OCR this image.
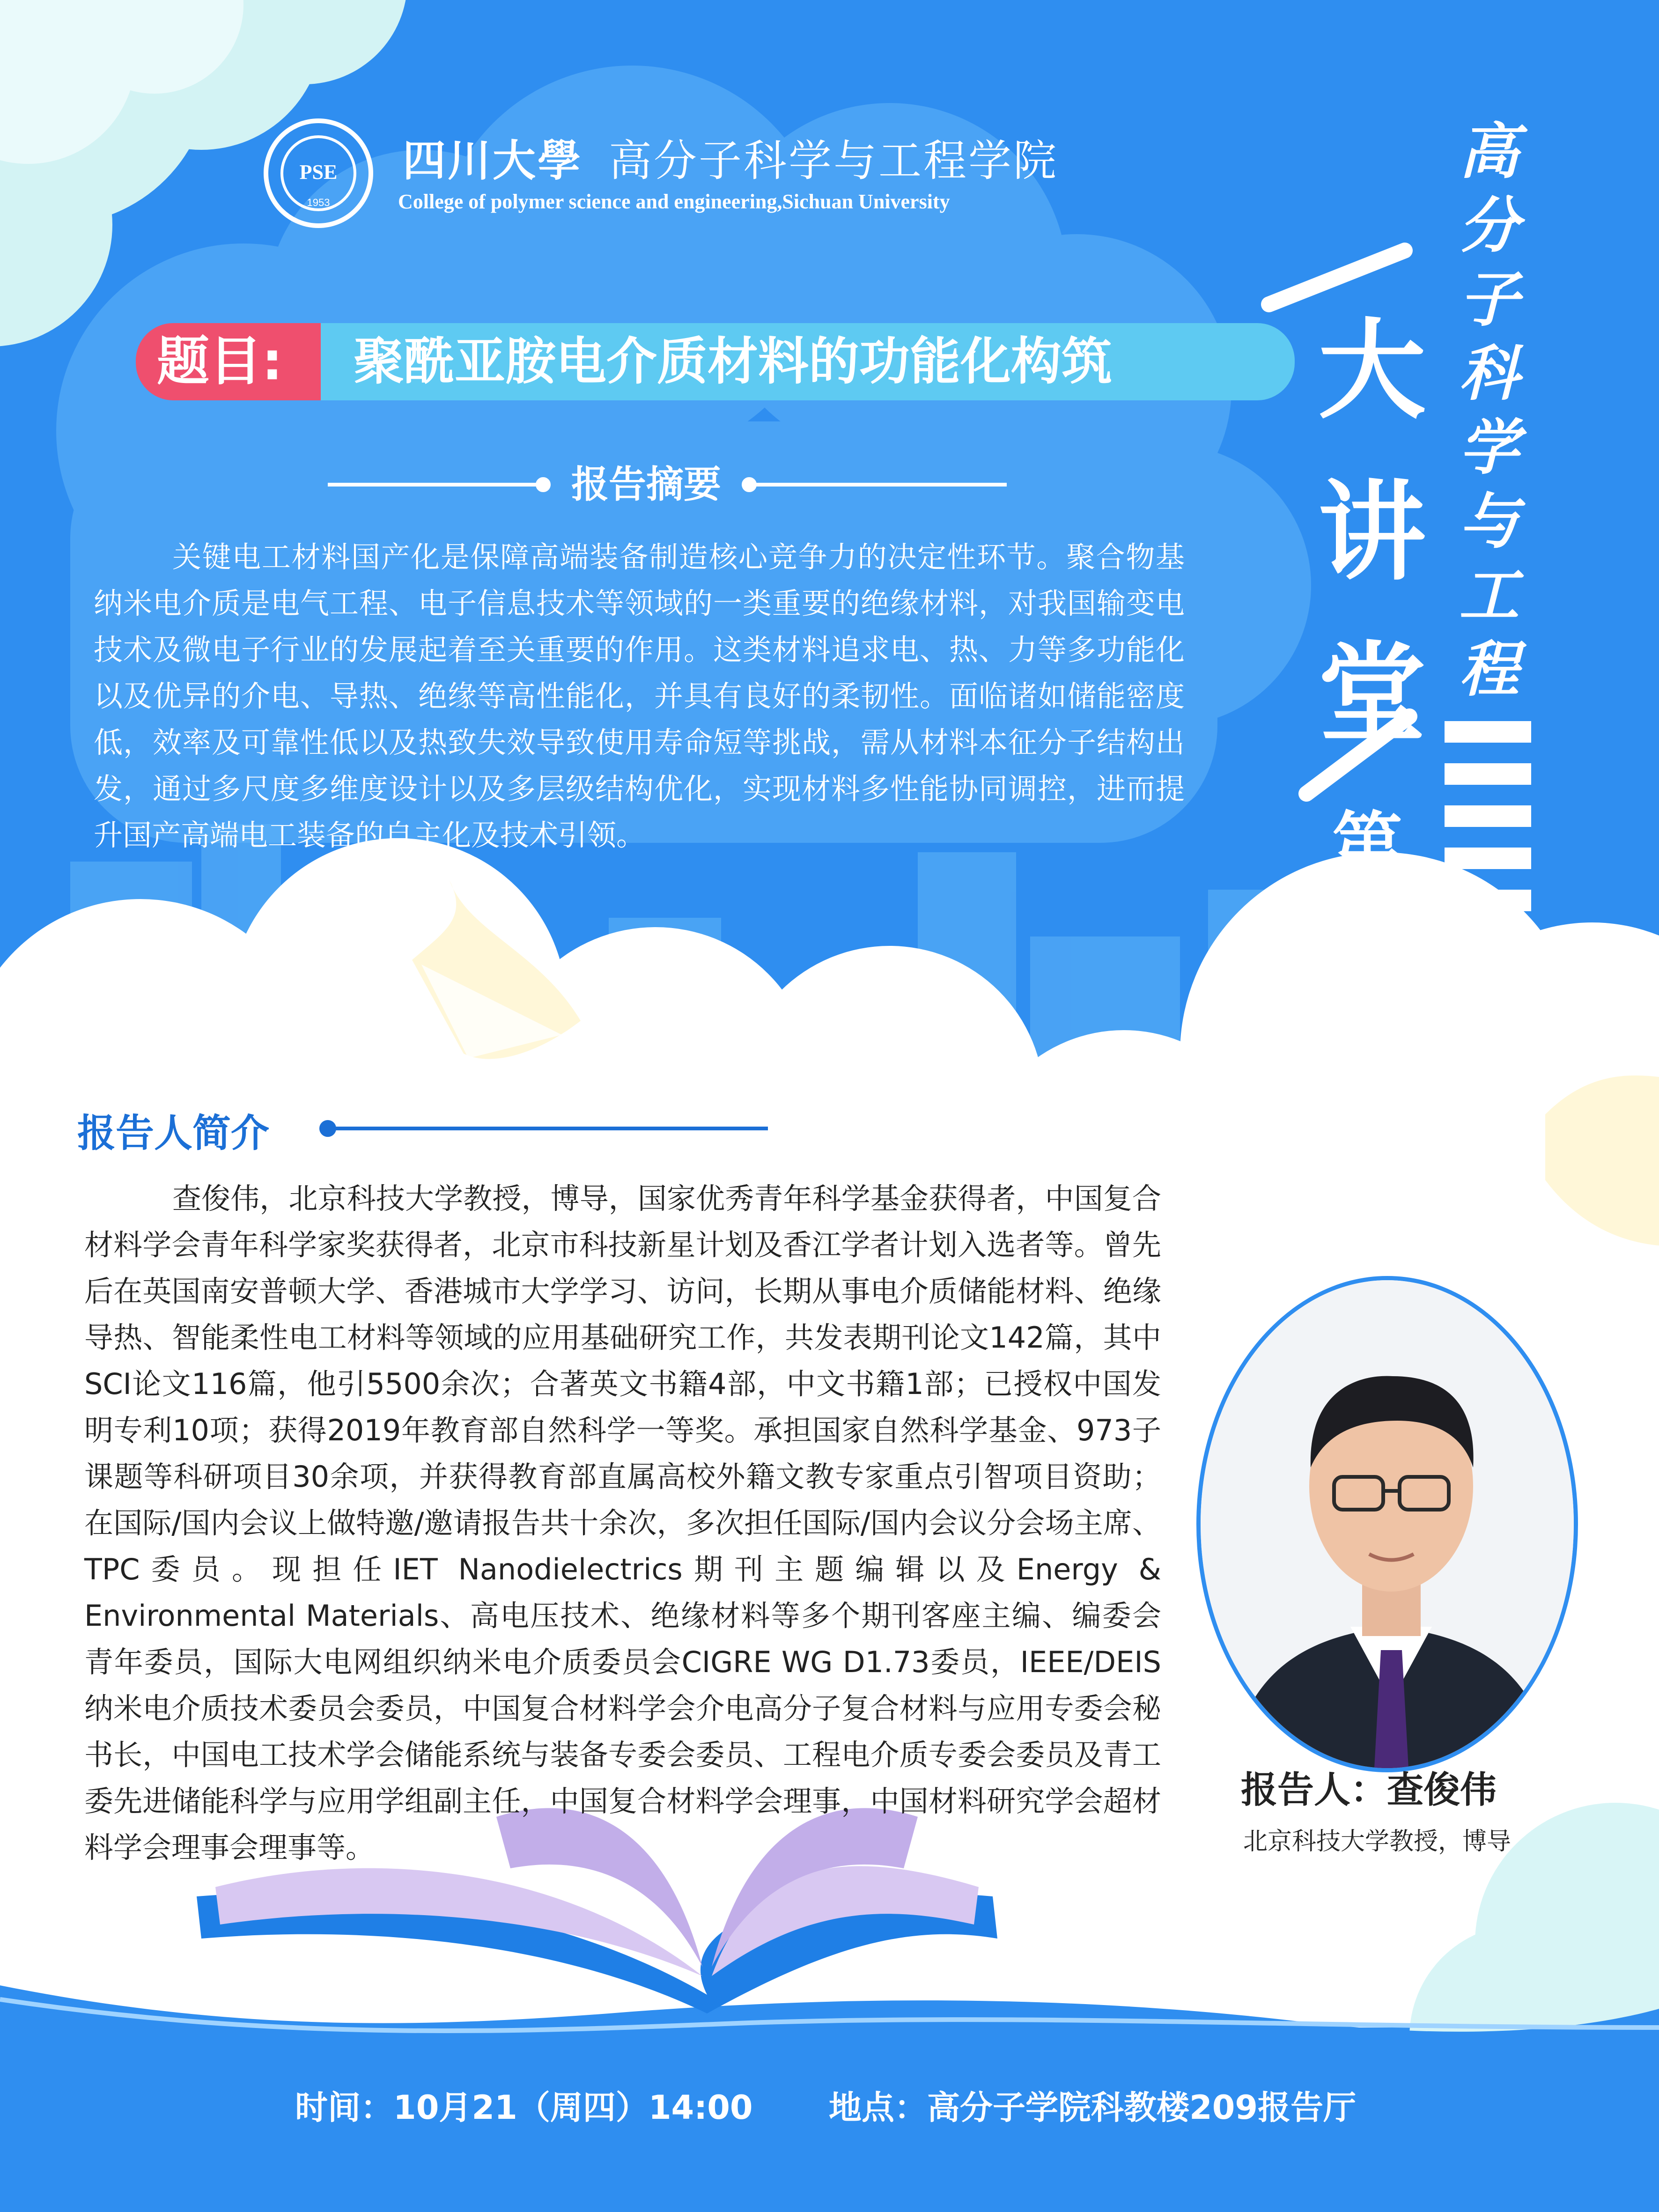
PSE
1953
四川大學 高分子科学与工程学院
College of polymer science and engineering,Sichuan University
题目:	聚酰亚胺电介质材料的功能化构筑
报告摘要
关键电工材料国产化是保障高端装备制造核心竞争力的决定性环节。聚合物基纳米电介质是电气工程、电子信息技术等领域的一类重要的绝缘材料，对我国输变电技术及微电子行业的发展起着至关重要的作用。这类材料追求电、热、力等多功能化以及优异的介电、导热、绝缘等高性能化，并具有良好的柔韧性。面临诸如储能密度低，效率及可靠性低以及热致失效导致使用寿命短等挑战，需从材料本征分子结构出发，通过多尺度多维度设计以及多层级结构优化，实现材料多性能协同调控，进而提升国产高端电工装备的自主化及技术引领。
高分子科学与工程
大
讲
堂
第
七
期
报告人简介
查俊伟，北京科技大学教授，博导，国家优秀青年科学基金获得者，中国复合材料学会青年科学家奖获得者，北京市科技新星计划及香江学者计划入选者等。曾先后在英国南安普顿大学、香港城市大学学习、访问，长期从事电介质储能材料、绝缘导热、智能柔性电工材料等领域的应用基础研究工作，共发表期刊论文142篇，其中SCI论文116篇，他引5500余次；合著英文书籍4部，中文书籍1部；已授权中国发明专利10项；获得2019年教育部自然科学一等奖。承担国家自然科学基金、973子课题等科研项目30余项，并获得教育部直属高校外籍文教专家重点引智项目资助；在国际/国内会议上做特邀/邀请报告共十余次，多次担任国际/国内会议分会场主席、TPC委员。现担任IET Nanodielectrics期刊主题编辑以及Energy & Environmental Materials、高电压技术、绝缘材料等多个期刊客座主编、编委会青年委员，国际大电网组织纳米电介质委员会CIGRE WG D1.73委员，IEEE/DEIS纳米电介质技术委员会委员，中国复合材料学会介电高分子复合材料与应用专委会秘书长，中国电工技术学会储能系统与装备专委会委员、工程电介质专委会委员及青工委先进储能科学与应用学组副主任，中国复合材料学会理事，中国材料研究学会超材料学会理事会理事等。
报告人：查俊伟
北京科技大学教授，博导
时间：10月21（周四）14:00 地点：高分子学院科教楼209报告厅
